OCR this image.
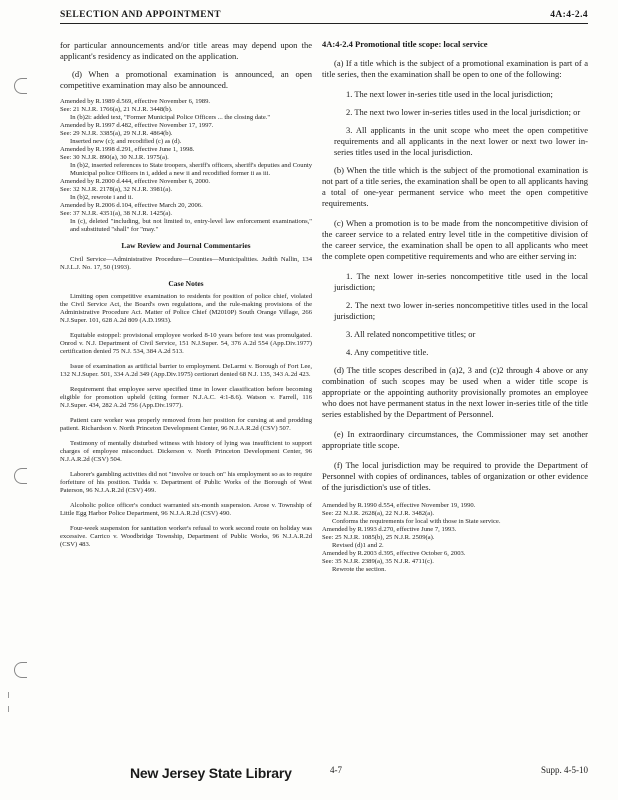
SELECTION AND APPOINTMENT	4A:4-2.4

for particular announcements and/or title areas may depend upon the applicant's residency as indicated on the application.

(d) When a promotional examination is announced, an open competitive examination may also be announced.

Amended by R.1989 d.569, effective November 6, 1989.
See: 21 N.J.R. 1766(a), 21 N.J.R. 3448(b).
In (b)2i: added text, "Former Municipal Police Officers ... the closing date."
Amended by R.1997 d.482, effective November 17, 1997.
See: 29 N.J.R. 3385(a), 29 N.J.R. 4864(b).
Inserted new (c); and recodified (c) as (d).
Amended by R.1998 d.291, effective June 1, 1998.
See: 30 N.J.R. 890(a), 30 N.J.R. 1975(a).
In (b)2, inserted references to State troopers, sheriff's officers, sheriff's deputies and County Municipal police Officers in i, added a new ii and recodified former ii as iii.
Amended by R.2000 d.444, effective November 6, 2000.
See: 32 N.J.R. 2178(a), 32 N.J.R. 3981(a).
In (b)2, rewrote i and ii.
Amended by R.2006 d.104, effective March 20, 2006.
See: 37 N.J.R. 4351(a), 38 N.J.R. 1425(a).
In (c), deleted "including, but not limited to, entry-level law enforcement examinations," and substituted "shall" for "may."
Law Review and Journal Commentaries

Civil Service—Administrative Procedure—Counties—Municipalities. Judith Nallin, 134 N.J.L.J. No. 17, 50 (1993).

Case Notes

Limiting open competitive examination to residents for position of police chief, violated the Civil Service Act, the Board's own regulations, and the rule-making provisions of the Administrative Procedure Act. Matter of Police Chief (M2010P) South Orange Village, 266 N.J.Super. 101, 628 A.2d 809 (A.D.1993).

Equitable estoppel: provisional employee worked 8-10 years before test was promulgated. Onrod v. N.J. Department of Civil Service, 151 N.J.Super. 54, 376 A.2d 554 (App.Div.1977) certification denied 75 N.J. 534, 384 A.2d 513.

Issue of examination as artificial barrier to employment. DeLarmi v. Borough of Fort Lee, 132 N.J.Super. 501, 334 A.2d 349 (App.Div.1975) certiorari denied 68 N.J. 135, 343 A.2d 423.

Requirement that employee serve specified time in lower classification before becoming eligible for promotion upheld (citing former N.J.A.C. 4:1-8.6). Watson v. Farrell, 116 N.J.Super. 434, 282 A.2d 756 (App.Div.1977).

Patient care worker was properly removed from her position for cursing at and prodding patient. Richardson v. North Princeton Development Center, 96 N.J.A.R.2d (CSV) 507.

Testimony of mentally disturbed witness with history of lying was insufficient to support charges of employee misconduct. Dickerson v. North Princeton Development Center, 96 N.J.A.R.2d (CSV) 504.

Laborer's gambling activities did not "involve or touch on" his employment so as to require forfeiture of his position. Tudda v. Department of Public Works of the Borough of West Paterson, 96 N.J.A.R.2d (CSV) 499.

Alcoholic police officer's conduct warranted six-month suspension. Arose v. Township of Little Egg Harbor Police Department, 96 N.J.A.R.2d (CSV) 490.

Four-week suspension for sanitation worker's refusal to work second route on holiday was excessive. Carrico v. Woodbridge Township, Department of Public Works, 96 N.J.A.R.2d (CSV) 483.

4A:4-2.4 Promotional title scope: local service

(a) If a title which is the subject of a promotional examination is part of a title series, then the examination shall be open to one of the following:

1. The next lower in-series title used in the local jurisdiction;

2. The next two lower in-series titles used in the local jurisdiction; or

3. All applicants in the unit scope who meet the open competitive requirements and all applicants in the next lower or next two lower in-series titles used in the local jurisdiction.

(b) When the title which is the subject of the promotional examination is not part of a title series, the examination shall be open to all applicants having a total of one-year permanent service who meet the open competitive requirements.

(c) When a promotion is to be made from the noncompetitive division of the career service to a related entry level title in the competitive division of the career service, the examination shall be open to all applicants who meet the complete open competitive requirements and who are either serving in:

1. The next lower in-series noncompetitive title used in the local jurisdiction;

2. The next two lower in-series noncompetitive titles used in the local jurisdiction;

3. All related noncompetitive titles; or

4. Any competitive title.

(d) The title scopes described in (a)2, 3 and (c)2 through 4 above or any combination of such scopes may be used when a wider title scope is appropriate or the appointing authority provisionally promotes an employee who does not have permanent status in the next lower in-series title of the title series established by the Department of Personnel.

(e) In extraordinary circumstances, the Commissioner may set another appropriate title scope.

(f) The local jurisdiction may be required to provide the Department of Personnel with copies of ordinances, tables of organization or other evidence of the jurisdiction's use of titles.

Amended by R.1990 d.554, effective November 19, 1990.
See: 22 N.J.R. 2628(a), 22 N.J.R. 3482(a).
Conforms the requirements for local with those in State service.
Amended by R.1993 d.270, effective June 7, 1993.
See: 25 N.J.R. 1085(b), 25 N.J.R. 2509(a).
Revised (d)1 and 2.
Amended by R.2003 d.395, effective October 6, 2003.
See: 35 N.J.R. 2389(a), 35 N.J.R. 4711(c).
Rewrote the section.
New Jersey State Library	4-7	Supp. 4-5-10
